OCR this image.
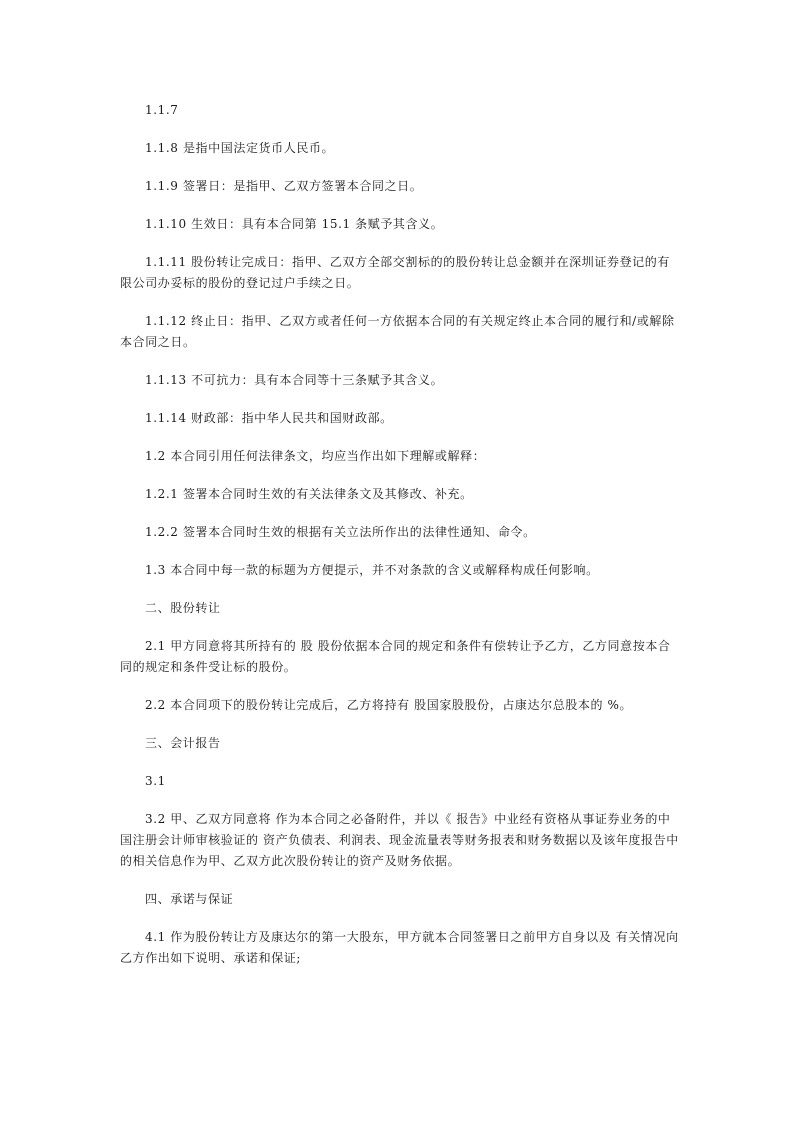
1.1.7

1.1.8 是指中国法定货币人民币。

1.1.9 签署日：是指甲、乙双方签署本合同之日。

1.1.10 生效日：具有本合同第 15.1 条赋予其含义。

1.1.11 股份转让完成日：指甲、乙双方全部交割标的的股份转让总金额并在深圳证券登记的有限公司办妥标的股份的登记过户手续之日。

1.1.12 终止日：指甲、乙双方或者任何一方依据本合同的有关规定终止本合同的履行和/或解除本合同之日。

1.1.13 不可抗力：具有本合同等十三条赋予其含义。

1.1.14 财政部：指中华人民共和国财政部。

1.2 本合同引用任何法律条文，均应当作出如下理解或解释：

1.2.1 签署本合同时生效的有关法律条文及其修改、补充。

1.2.2 签署本合同时生效的根据有关立法所作出的法律性通知、命令。

1.3 本合同中每一款的标题为方便提示，并不对条款的含义或解释构成任何影响。

二、股份转让

2.1 甲方同意将其所持有的 股 股份依据本合同的规定和条件有偿转让予乙方，乙方同意按本合同的规定和条件受让标的股份。

2.2 本合同项下的股份转让完成后，乙方将持有 股国家股股份，占康达尔总股本的 %。

三、会计报告

3.1

3.2 甲、乙双方同意将 作为本合同之必备附件，并以《 报告》中业经有资格从事证券业务的中国注册会计师审核验证的 资产负债表、利润表、现金流量表等财务报表和财务数据以及该年度报告中的相关信息作为甲、乙双方此次股份转让的资产及财务依据。

四、承诺与保证

4.1 作为股份转让方及康达尔的第一大股东，甲方就本合同签署日之前甲方自身以及 有关情况向乙方作出如下说明、承诺和保证;
